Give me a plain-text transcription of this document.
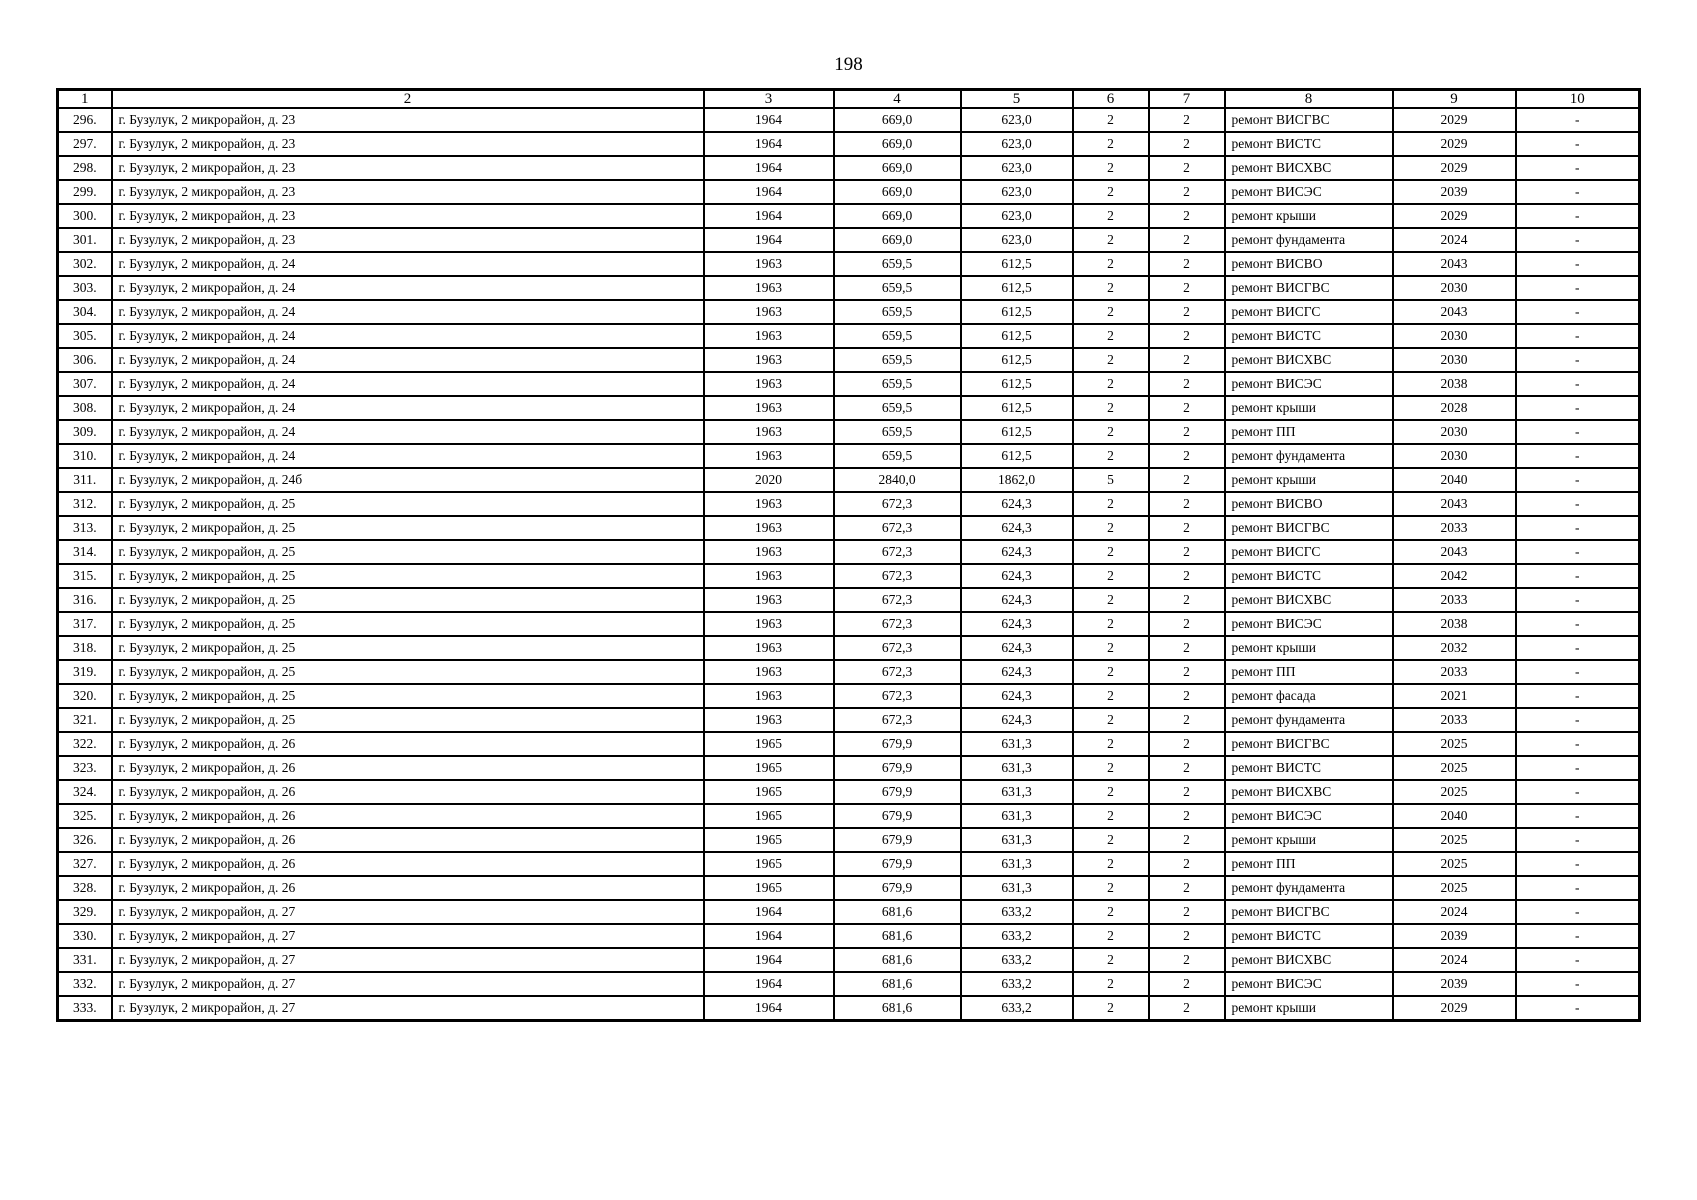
198
1	2	3	4	5	6	7	8	9	10
296.	г. Бузулук, 2 микрорайон, д. 23	1964	669,0	623,0	2	2	ремонт ВИСГВС	2029	-
297.	г. Бузулук, 2 микрорайон, д. 23	1964	669,0	623,0	2	2	ремонт ВИСТС	2029	-
298.	г. Бузулук, 2 микрорайон, д. 23	1964	669,0	623,0	2	2	ремонт ВИСХВС	2029	-
299.	г. Бузулук, 2 микрорайон, д. 23	1964	669,0	623,0	2	2	ремонт ВИСЭС	2039	-
300.	г. Бузулук, 2 микрорайон, д. 23	1964	669,0	623,0	2	2	ремонт крыши	2029	-
301.	г. Бузулук, 2 микрорайон, д. 23	1964	669,0	623,0	2	2	ремонт фундамента	2024	-
302.	г. Бузулук, 2 микрорайон, д. 24	1963	659,5	612,5	2	2	ремонт ВИСВО	2043	-
303.	г. Бузулук, 2 микрорайон, д. 24	1963	659,5	612,5	2	2	ремонт ВИСГВС	2030	-
304.	г. Бузулук, 2 микрорайон, д. 24	1963	659,5	612,5	2	2	ремонт ВИСГС	2043	-
305.	г. Бузулук, 2 микрорайон, д. 24	1963	659,5	612,5	2	2	ремонт ВИСТС	2030	-
306.	г. Бузулук, 2 микрорайон, д. 24	1963	659,5	612,5	2	2	ремонт ВИСХВС	2030	-
307.	г. Бузулук, 2 микрорайон, д. 24	1963	659,5	612,5	2	2	ремонт ВИСЭС	2038	-
308.	г. Бузулук, 2 микрорайон, д. 24	1963	659,5	612,5	2	2	ремонт крыши	2028	-
309.	г. Бузулук, 2 микрорайон, д. 24	1963	659,5	612,5	2	2	ремонт ПП	2030	-
310.	г. Бузулук, 2 микрорайон, д. 24	1963	659,5	612,5	2	2	ремонт фундамента	2030	-
311.	г. Бузулук, 2 микрорайон, д. 24б	2020	2840,0	1862,0	5	2	ремонт крыши	2040	-
312.	г. Бузулук, 2 микрорайон, д. 25	1963	672,3	624,3	2	2	ремонт ВИСВО	2043	-
313.	г. Бузулук, 2 микрорайон, д. 25	1963	672,3	624,3	2	2	ремонт ВИСГВС	2033	-
314.	г. Бузулук, 2 микрорайон, д. 25	1963	672,3	624,3	2	2	ремонт ВИСГС	2043	-
315.	г. Бузулук, 2 микрорайон, д. 25	1963	672,3	624,3	2	2	ремонт ВИСТС	2042	-
316.	г. Бузулук, 2 микрорайон, д. 25	1963	672,3	624,3	2	2	ремонт ВИСХВС	2033	-
317.	г. Бузулук, 2 микрорайон, д. 25	1963	672,3	624,3	2	2	ремонт ВИСЭС	2038	-
318.	г. Бузулук, 2 микрорайон, д. 25	1963	672,3	624,3	2	2	ремонт крыши	2032	-
319.	г. Бузулук, 2 микрорайон, д. 25	1963	672,3	624,3	2	2	ремонт ПП	2033	-
320.	г. Бузулук, 2 микрорайон, д. 25	1963	672,3	624,3	2	2	ремонт фасада	2021	-
321.	г. Бузулук, 2 микрорайон, д. 25	1963	672,3	624,3	2	2	ремонт фундамента	2033	-
322.	г. Бузулук, 2 микрорайон, д. 26	1965	679,9	631,3	2	2	ремонт ВИСГВС	2025	-
323.	г. Бузулук, 2 микрорайон, д. 26	1965	679,9	631,3	2	2	ремонт ВИСТС	2025	-
324.	г. Бузулук, 2 микрорайон, д. 26	1965	679,9	631,3	2	2	ремонт ВИСХВС	2025	-
325.	г. Бузулук, 2 микрорайон, д. 26	1965	679,9	631,3	2	2	ремонт ВИСЭС	2040	-
326.	г. Бузулук, 2 микрорайон, д. 26	1965	679,9	631,3	2	2	ремонт крыши	2025	-
327.	г. Бузулук, 2 микрорайон, д. 26	1965	679,9	631,3	2	2	ремонт ПП	2025	-
328.	г. Бузулук, 2 микрорайон, д. 26	1965	679,9	631,3	2	2	ремонт фундамента	2025	-
329.	г. Бузулук, 2 микрорайон, д. 27	1964	681,6	633,2	2	2	ремонт ВИСГВС	2024	-
330.	г. Бузулук, 2 микрорайон, д. 27	1964	681,6	633,2	2	2	ремонт ВИСТС	2039	-
331.	г. Бузулук, 2 микрорайон, д. 27	1964	681,6	633,2	2	2	ремонт ВИСХВС	2024	-
332.	г. Бузулук, 2 микрорайон, д. 27	1964	681,6	633,2	2	2	ремонт ВИСЭС	2039	-
333.	г. Бузулук, 2 микрорайон, д. 27	1964	681,6	633,2	2	2	ремонт крыши	2029	-
